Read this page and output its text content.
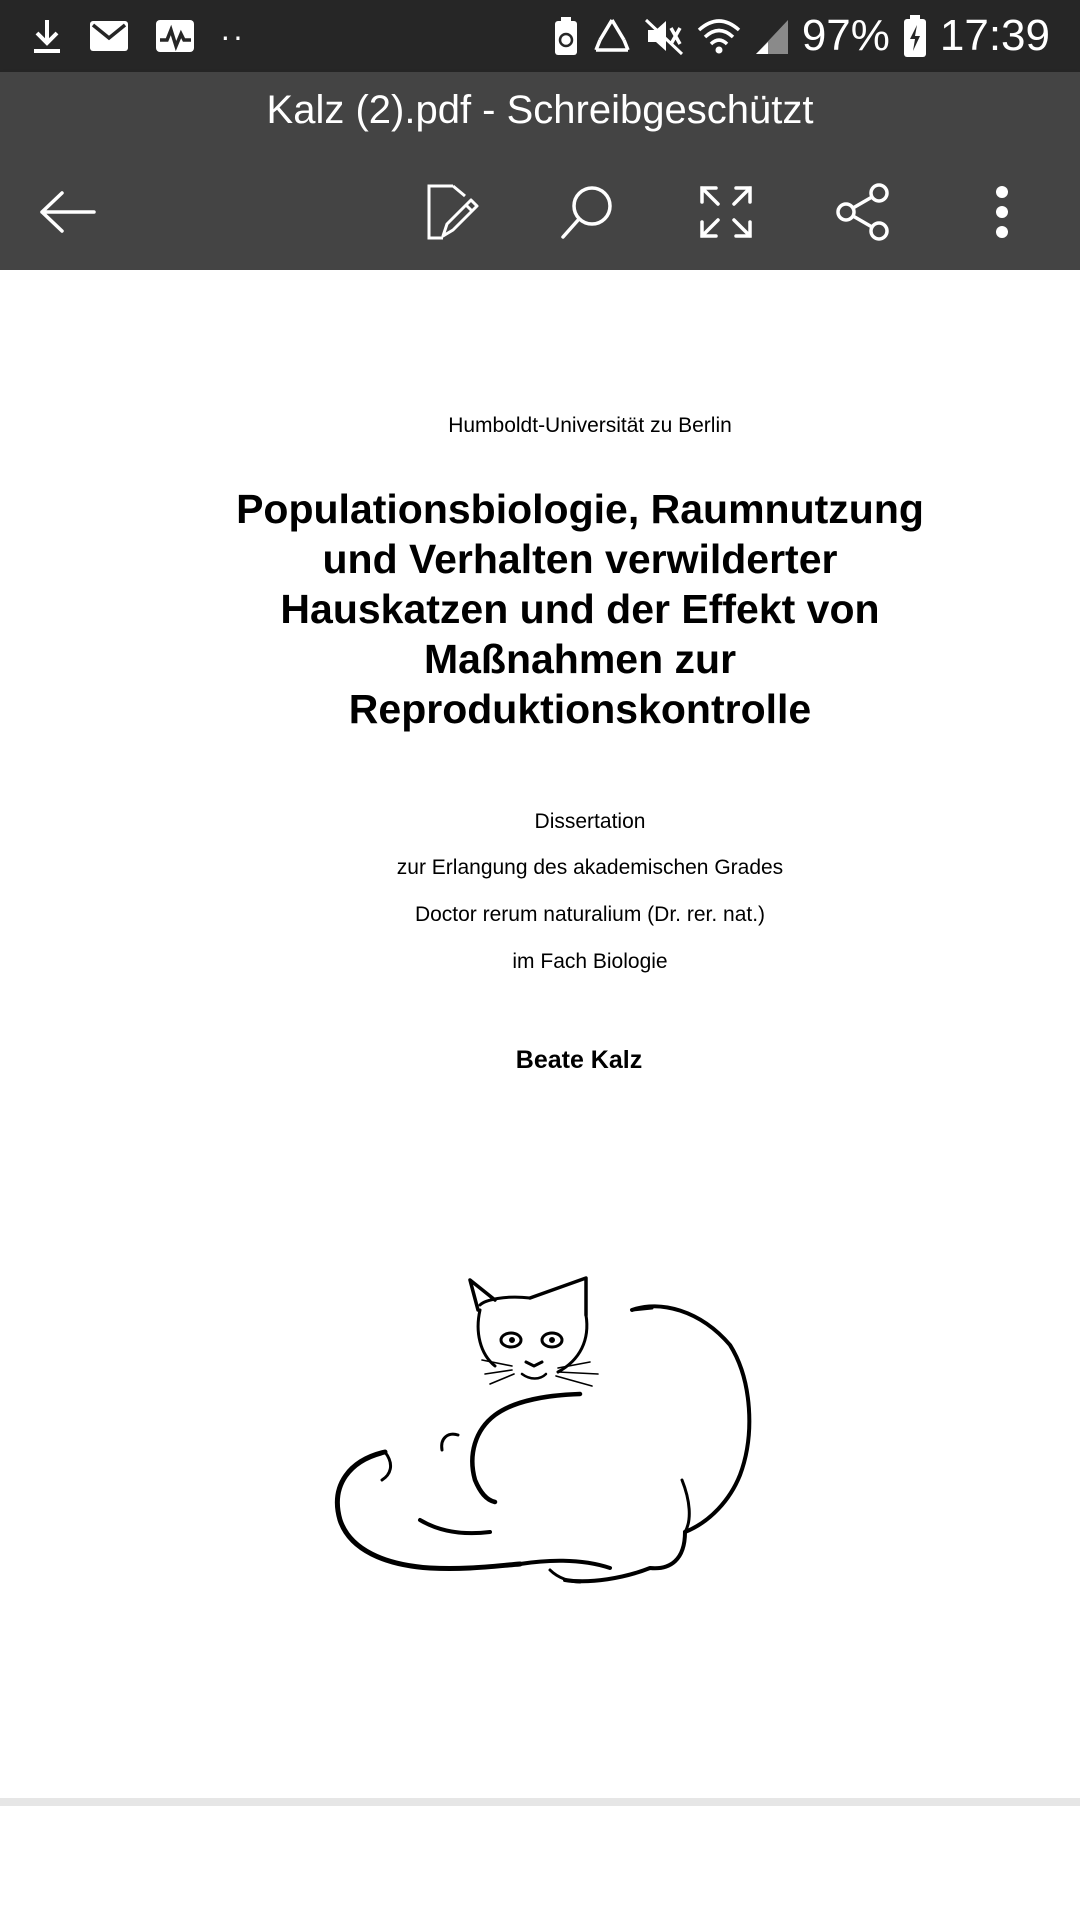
··	97% 17:39
Kalz (2).pdf - Schreibgeschützt
Humboldt-Universität zu Berlin
Populationsbiologie, Raumnutzung
und Verhalten verwilderter
Hauskatzen und der Effekt von
Maßnahmen zur
Reproduktionskontrolle
Dissertation
zur Erlangung des akademischen Grades
Doctor rerum naturalium (Dr. rer. nat.)
im Fach Biologie
Beate Kalz
